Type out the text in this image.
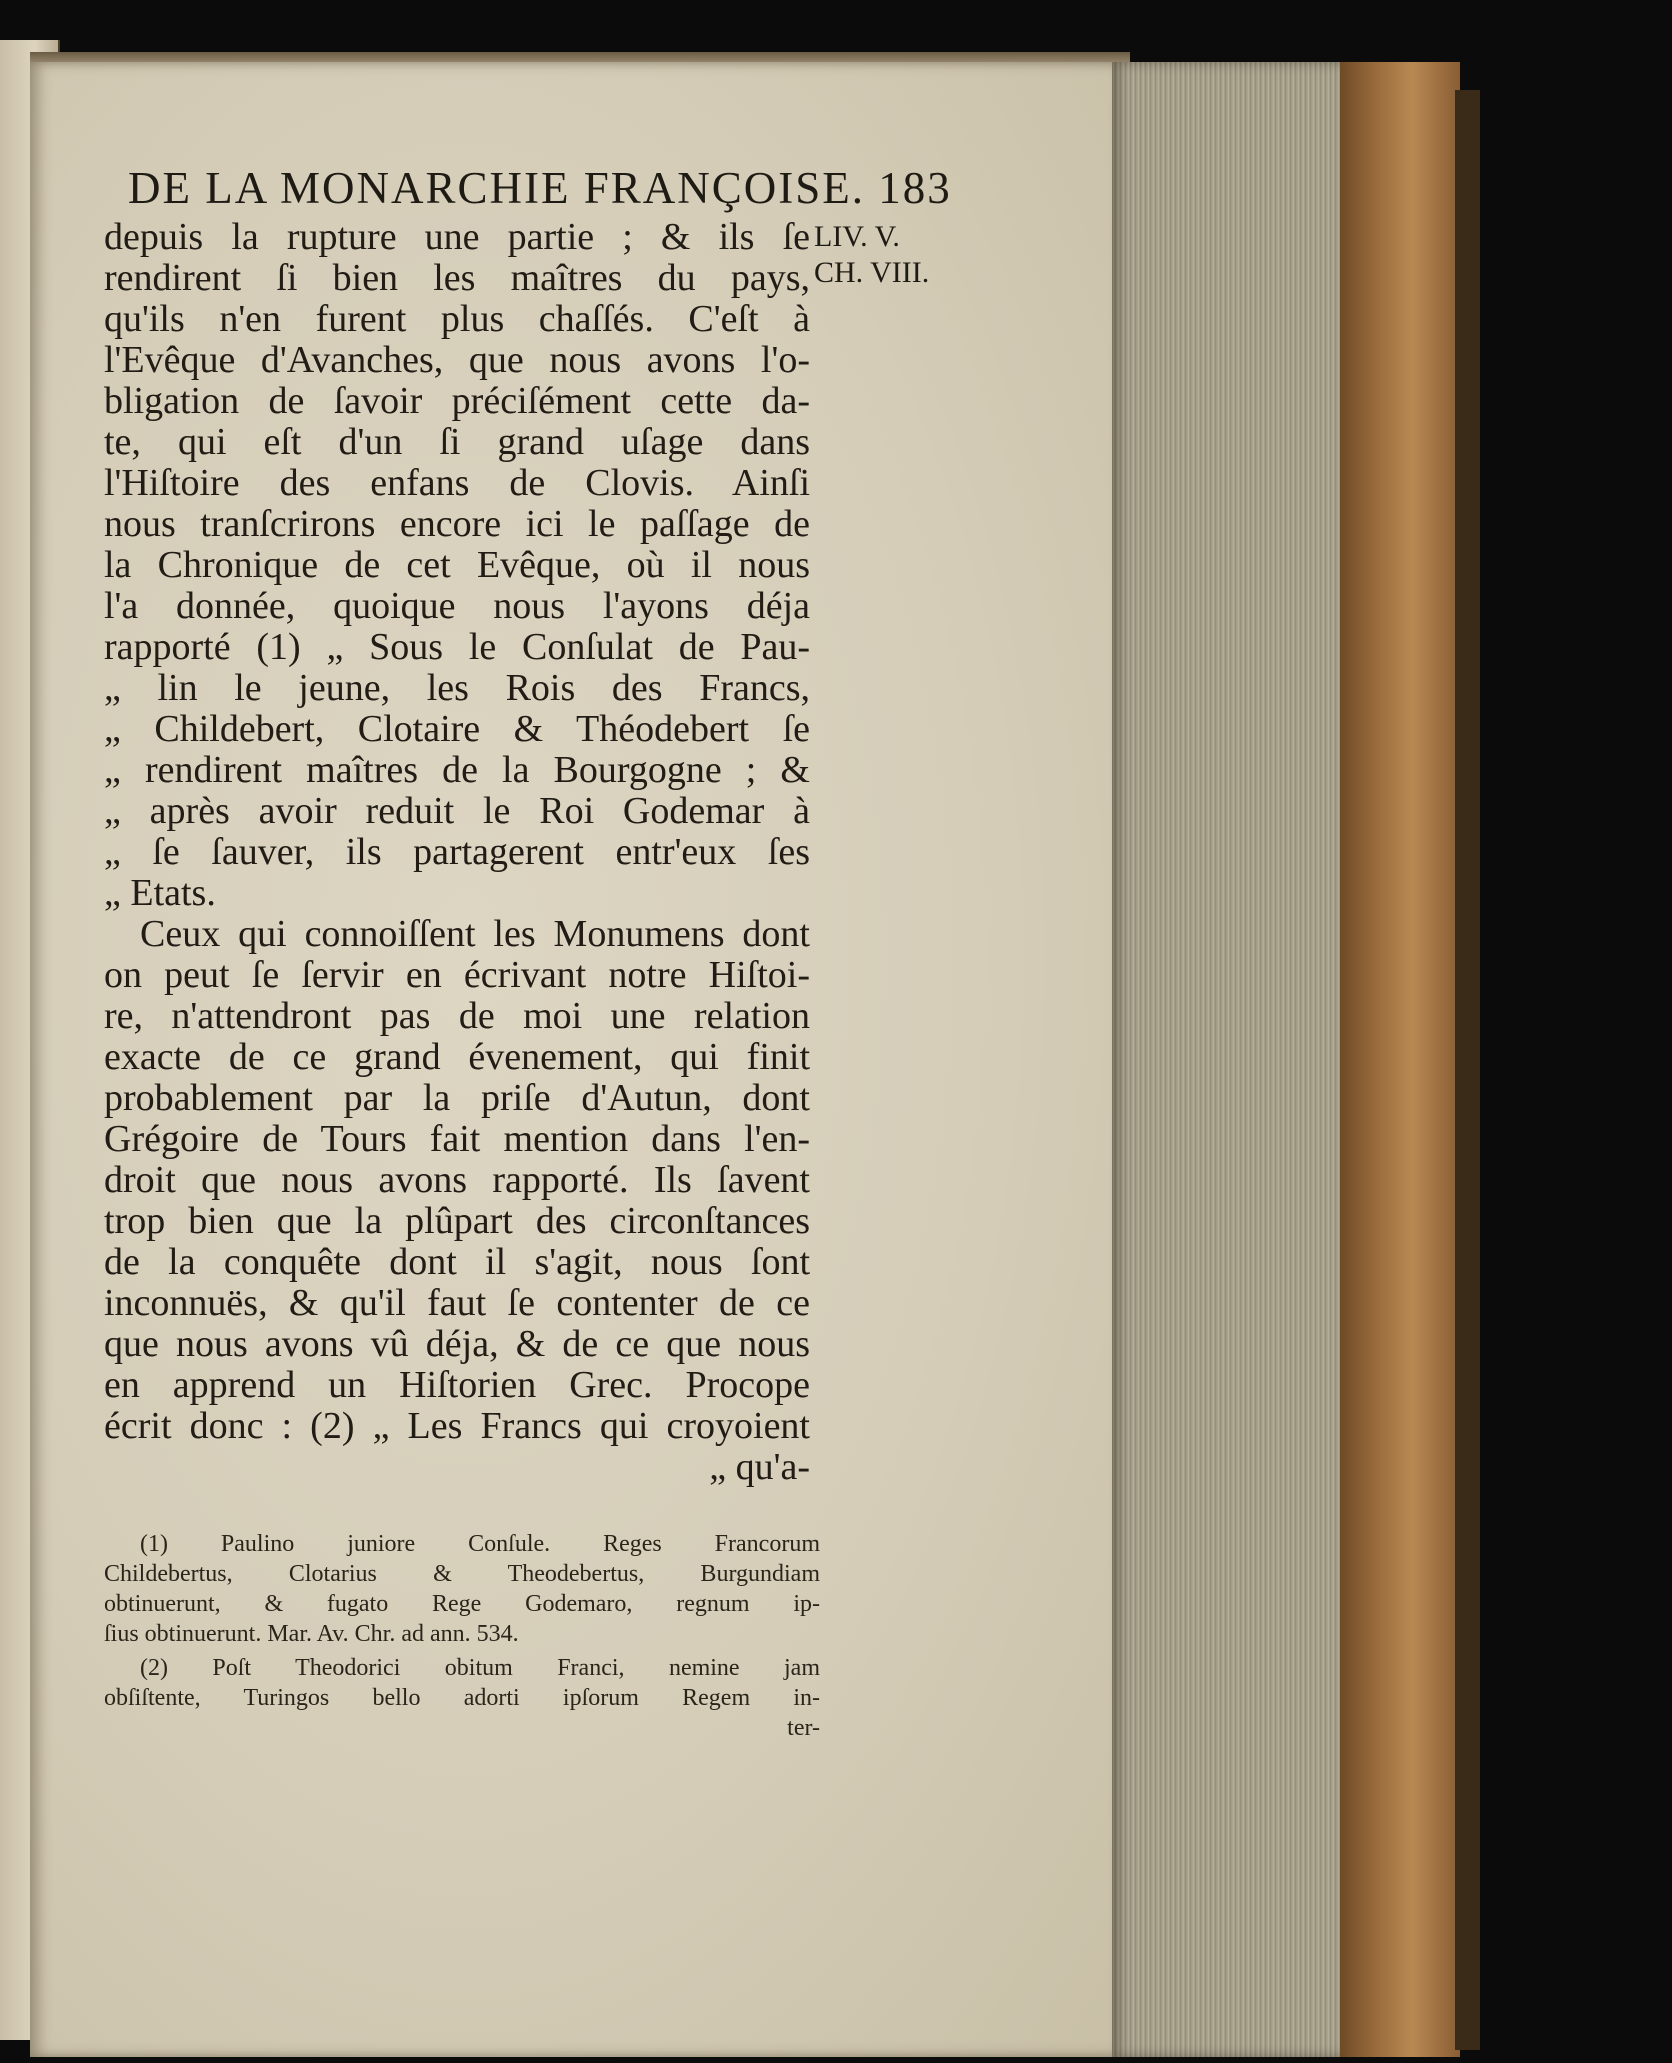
DE LA MONARCHIE FRANÇOISE. 183
LIV. V.
CH. VIII.
depuis la rupture une partie ; & ils ſe
rendirent ſi bien les maîtres du pays,
qu'ils n'en furent plus chaſſés. C'eſt à
l'Evêque d'Avanches, que nous avons l'o-
bligation de ſavoir préciſément cette da-
te, qui eſt d'un ſi grand uſage dans
l'Hiſtoire des enfans de Clovis. Ainſi
nous tranſcrirons encore ici le paſſage de
la Chronique de cet Evêque, où il nous
l'a donnée, quoique nous l'ayons déja
rapporté (1) „ Sous le Conſulat de Pau-
„ lin le jeune, les Rois des Francs,
„ Childebert, Clotaire & Théodebert ſe
„ rendirent maîtres de la Bourgogne ; &
„ après avoir reduit le Roi Godemar à
„ ſe ſauver, ils partagerent entr'eux ſes
„ Etats.
Ceux qui connoiſſent les Monumens dont
on peut ſe ſervir en écrivant notre Hiſtoi-
re, n'attendront pas de moi une relation
exacte de ce grand évenement, qui finit
probablement par la priſe d'Autun, dont
Grégoire de Tours fait mention dans l'en-
droit que nous avons rapporté. Ils ſavent
trop bien que la plûpart des circonſtances
de la conquête dont il s'agit, nous ſont
inconnuës, & qu'il faut ſe contenter de ce
que nous avons vû déja, & de ce que nous
en apprend un Hiſtorien Grec. Procope
écrit donc : (2) „ Les Francs qui croyoient
„ qu'a-
(1) Paulino juniore Conſule. Reges Francorum
Childebertus, Clotarius & Theodebertus, Burgundiam
obtinuerunt, & fugato Rege Godemaro, regnum ip-
ſius obtinuerunt. Mar. Av. Chr. ad ann. 534.
(2) Poſt Theodorici obitum Franci, nemine jam
obſiſtente, Turingos bello adorti ipſorum Regem in-
ter-
